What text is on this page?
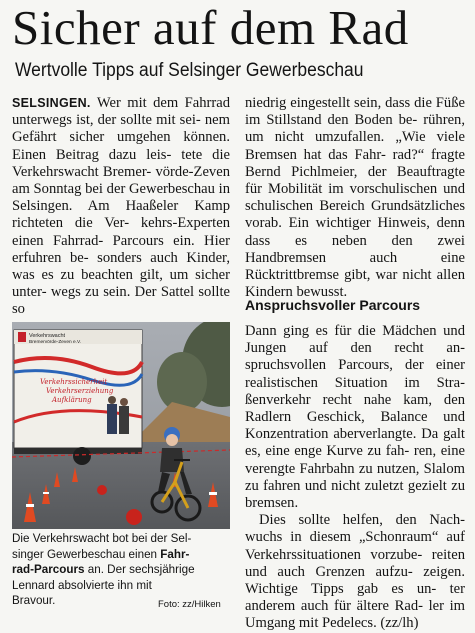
Sicher auf dem Rad
Wertvolle Tipps auf Selsinger Gewerbeschau

SELSINGEN. Wer mit dem Fahrrad unterwegs ist, der sollte mit sei- nem Gefährt sicher umgehen können. Einen Beitrag dazu leis- tete die Verkehrswacht Bremer- vörde-Zeven am Sonntag bei der Gewerbeschau in Selsingen. Am Haaßeler Kamp richteten die Ver- kehrs-Experten einen Fahrrad- Parcours ein. Hier erfuhren be- sonders auch Kinder, was es zu beachten gilt, um sicher unter- wegs zu sein. Der Sattel sollte so

niedrig eingestellt sein, dass die Füße im Stillstand den Boden be- rühren, um nicht umzufallen. „Wie viele Bremsen hat das Fahr- rad?“ fragte Bernd Pichlmeier, der Beauftragte für Mobilität im vorschulischen und schulischen Bereich Grundsätzliches vorab. Ein wichtiger Hinweis, denn dass es neben den zwei Handbremsen auch eine Rücktrittbremse gibt, war nicht allen Kindern bewusst.

Anspruchsvoller Parcours

Dann ging es für die Mädchen und Jungen auf den recht an- spruchsvollen Parcours, der einer realistischen Situation im Stra- ßenverkehr recht nahe kam, den Radlern Geschick, Balance und Konzentration aberverlangte. Da galt es, eine enge Kurve zu fah- ren, eine verengte Fahrbahn zu nutzen, Slalom zu fahren und nicht zuletzt gezielt zu bremsen.

Dies sollte helfen, den Nach- wuchs in diesem „Schonraum“ auf Verkehrssituationen vorzube- reiten und auch Grenzen aufzu- zeigen. Wichtige Tipps gab es un- ter anderem auch für ältere Rad- ler im Umgang mit Pedelecs. (zz/lh)

Verkehrswacht
Bremervörde-Zeven e.V.
Verkehrssicherheit
Verkehrserziehung
Aufklärung
Die Verkehrswacht bot bei der Sel-
singer Gewerbeschau einen Fahr-
rad-Parcours an. Der sechsjährige
Lennard absolvierte ihn mit
Bravour.	Foto: zz/Hilken
